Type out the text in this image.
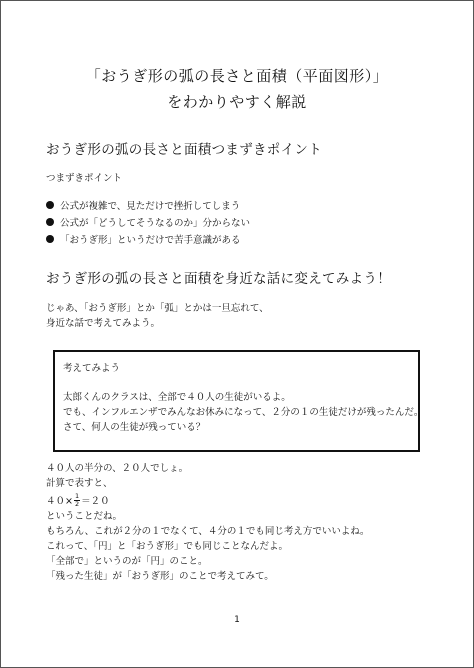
「おうぎ形の弧の長さと面積（平面図形）」
をわかりやすく解説
おうぎ形の弧の長さと面積つまずきポイント
つまずきポイント
公式が複雑で、見ただけで挫折してしまう
公式が「どうしてそうなるのか」分からない
「おうぎ形」というだけで苦手意識がある
おうぎ形の弧の長さと面積を身近な話に変えてみよう！
じゃあ、「おうぎ形」とか「弧」とかは一旦忘れて、
身近な話で考えてみよう。
考えてみよう
太郎くんのクラスは、全部で４０人の生徒がいるよ。
でも、インフルエンザでみんなお休みになって、２分の１の生徒だけが残ったんだ。
さて、何人の生徒が残っている？
４０人の半分の、２０人でしょ。
計算で表すと、
$40\times \frac{1}{2} =20$
ということだね。
もちろん、これが２分の１でなくて、４分の１でも同じ考え方でいいよね。
これって、「円」と「おうぎ形」でも同じことなんだよ。
「全部で」というのが「円」のこと。
「残った生徒」が「おうぎ形」のことで考えてみて。
1
